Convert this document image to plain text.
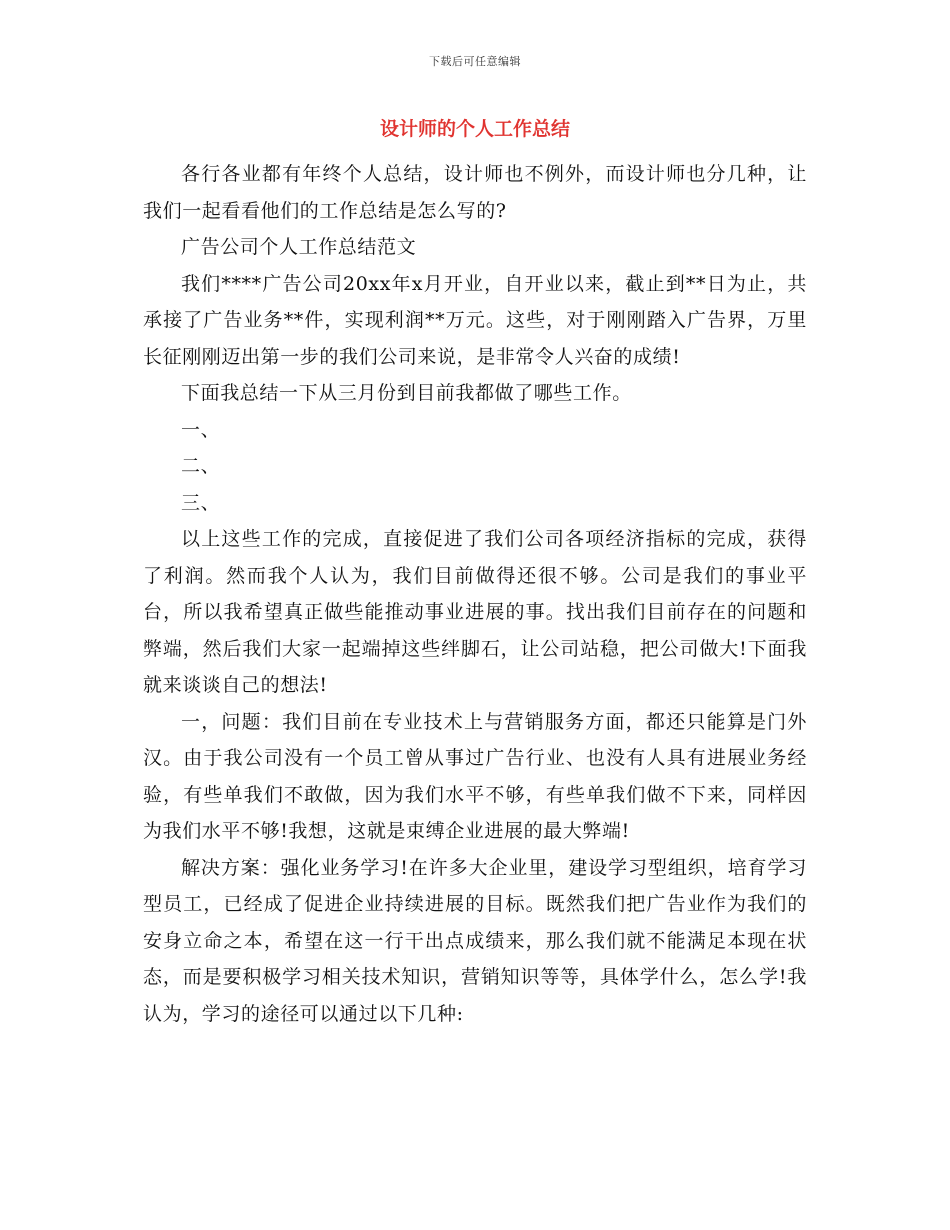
下载后可任意编辑
设计师的个人工作总结

各行各业都有年终个人总结，设计师也不例外，而设计师也分几种，让我们一起看看他们的工作总结是怎么写的?

广告公司个人工作总结范文

我们****广告公司20xx年x月开业，自开业以来，截止到**日为止，共承接了广告业务**件，实现利润**万元。这些，对于刚刚踏入广告界，万里长征刚刚迈出第一步的我们公司来说，是非常令人兴奋的成绩!

下面我总结一下从三月份到目前我都做了哪些工作。

一、

二、

三、

以上这些工作的完成，直接促进了我们公司各项经济指标的完成，获得了利润。然而我个人认为，我们目前做得还很不够。公司是我们的事业平台，所以我希望真正做些能推动事业进展的事。找出我们目前存在的问题和弊端，然后我们大家一起端掉这些绊脚石，让公司站稳，把公司做大!下面我就来谈谈自己的想法!

一，问题：我们目前在专业技术上与营销服务方面，都还只能算是门外汉。由于我公司没有一个员工曾从事过广告行业、也没有人具有进展业务经验，有些单我们不敢做，因为我们水平不够，有些单我们做不下来，同样因为我们水平不够!我想，这就是束缚企业进展的最大弊端!

解决方案：强化业务学习!在许多大企业里，建设学习型组织，培育学习型员工，已经成了促进企业持续进展的目标。既然我们把广告业作为我们的安身立命之本，希望在这一行干出点成绩来，那么我们就不能满足本现在状态，而是要积极学习相关技术知识，营销知识等等，具体学什么，怎么学!我认为，学习的途径可以通过以下几种:
